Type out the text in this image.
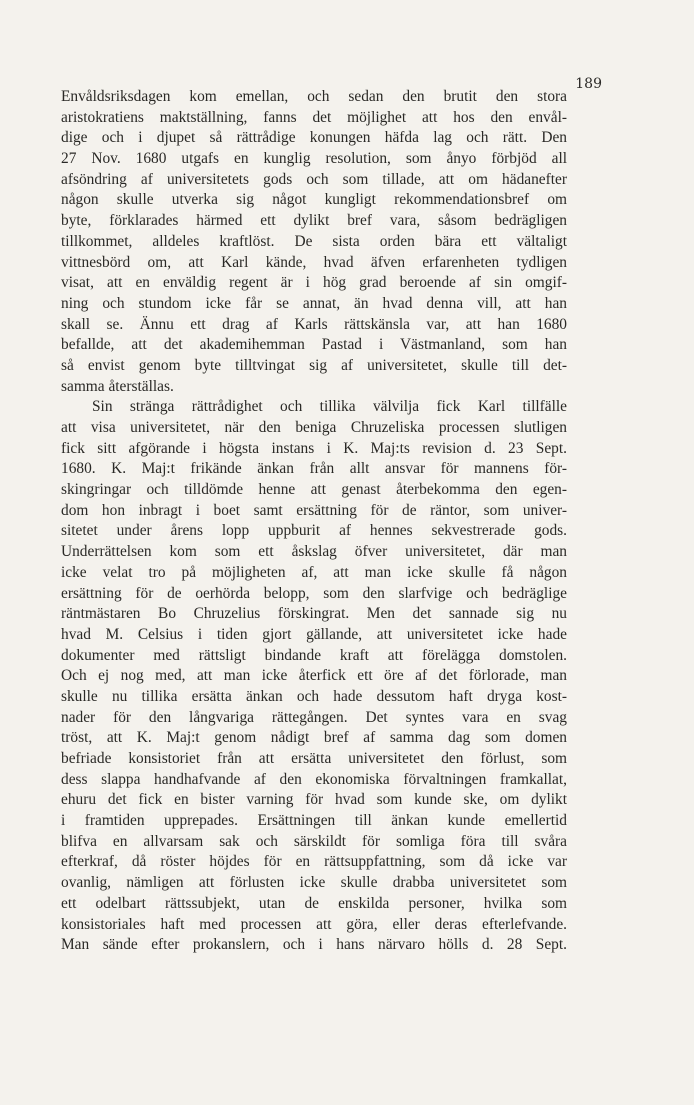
189
Envåldsriksdagen kom emellan, och sedan den brutit den stora
aristokratiens maktställning, fanns det möjlighet att hos den envål-
dige och i djupet så rättrådige konungen häfda lag och rätt. Den
27 Nov. 1680 utgafs en kunglig resolution, som ånyo förbjöd all
afsöndring af universitetets gods och som tillade, att om hädanefter
någon skulle utverka sig något kungligt rekommendationsbref om
byte, förklarades härmed ett dylikt bref vara, såsom bedrägligen
tillkommet, alldeles kraftlöst. De sista orden bära ett vältaligt
vittnesbörd om, att Karl kände, hvad äfven erfarenheten tydligen
visat, att en enväldig regent är i hög grad beroende af sin omgif-
ning och stundom icke får se annat, än hvad denna vill, att han
skall se. Ännu ett drag af Karls rättskänsla var, att han 1680
befallde, att det akademihemman Pastad i Västmanland, som han
så envist genom byte tilltvingat sig af universitetet, skulle till det-
samma återställas.
Sin stränga rättrådighet och tillika välvilja fick Karl tillfälle
att visa universitetet, när den beniga Chruzeliska processen slutligen
fick sitt afgörande i högsta instans i K. Maj:ts revision d. 23 Sept.
1680. K. Maj:t frikände änkan från allt ansvar för mannens för-
skingringar och tilldömde henne att genast återbekomma den egen-
dom hon inbragt i boet samt ersättning för de räntor, som univer-
sitetet under årens lopp uppburit af hennes sekvestrerade gods.
Underrättelsen kom som ett åskslag öfver universitetet, där man
icke velat tro på möjligheten af, att man icke skulle få någon
ersättning för de oerhörda belopp, som den slarfvige och bedräglige
räntmästaren Bo Chruzelius förskingrat. Men det sannade sig nu
hvad M. Celsius i tiden gjort gällande, att universitetet icke hade
dokumenter med rättsligt bindande kraft att förelägga domstolen.
Och ej nog med, att man icke återfick ett öre af det förlorade, man
skulle nu tillika ersätta änkan och hade dessutom haft dryga kost-
nader för den långvariga rättegången. Det syntes vara en svag
tröst, att K. Maj:t genom nådigt bref af samma dag som domen
befriade konsistoriet från att ersätta universitetet den förlust, som
dess slappa handhafvande af den ekonomiska förvaltningen framkallat,
ehuru det fick en bister varning för hvad som kunde ske, om dylikt
i framtiden upprepades. Ersättningen till änkan kunde emellertid
blifva en allvarsam sak och särskildt för somliga föra till svåra
efterkraf, då röster höjdes för en rättsuppfattning, som då icke var
ovanlig, nämligen att förlusten icke skulle drabba universitetet som
ett odelbart rättssubjekt, utan de enskilda personer, hvilka som
konsistoriales haft med processen att göra, eller deras efterlefvande.
Man sände efter prokanslern, och i hans närvaro hölls d. 28 Sept.
